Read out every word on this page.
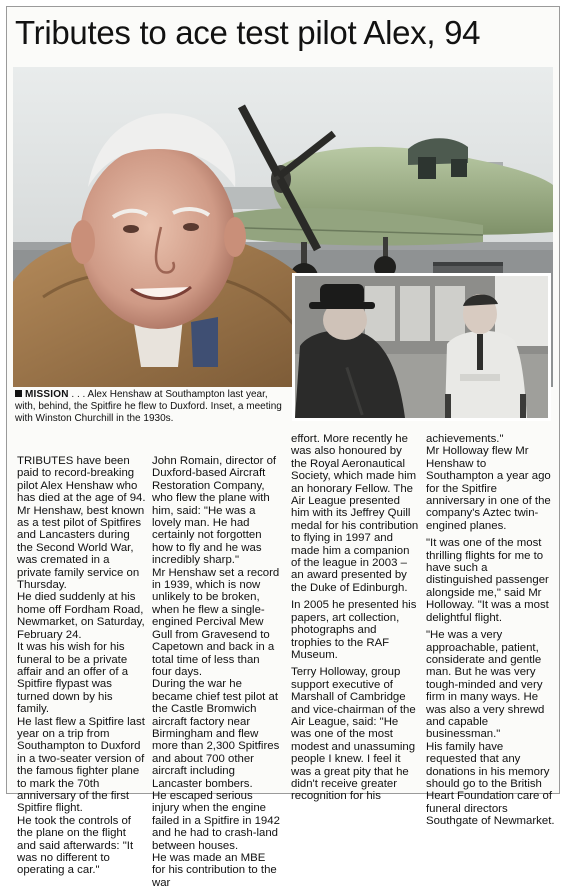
Tributes to ace test pilot Alex, 94
MISSION . . . Alex Henshaw at Southampton last year, with, behind, the Spitfire he flew to Duxford. Inset, a meeting with Winston Churchill in the 1930s.

TRIBUTES have been paid to record-breaking pilot Alex Henshaw who has died at the age of 94.

Mr Henshaw, best known as a test pilot of Spitfires and Lancasters during the Second World War, was cremated in a private family service on Thursday.

He died suddenly at his home off Fordham Road, Newmarket, on Saturday, February 24.

It was his wish for his funeral to be a private affair and an offer of a Spitfire flypast was turned down by his family.

He last flew a Spitfire last year on a trip from Southampton to Duxford in a two-seater version of the famous fighter plane to mark the 70th anniversary of the first Spitfire flight.

He took the controls of the plane on the flight and said afterwards: "It was no different to operating a car."

John Romain, director of Duxford-based Aircraft Restoration Company, who flew the plane with him, said: "He was a lovely man. He had certainly not forgotten how to fly and he was incredibly sharp."

Mr Henshaw set a record in 1939, which is now unlikely to be broken, when he flew a single-engined Percival Mew Gull from Gravesend to Capetown and back in a total time of less than four days.

During the war he became chief test pilot at the Castle Bromwich aircraft factory near Birmingham and flew more than 2,300 Spitfires and about 700 other aircraft including Lancaster bombers.

He escaped serious injury when the engine failed in a Spitfire in 1942 and he had to crash-land between houses.

He was made an MBE for his contribution to the war

effort. More recently he was also honoured by the Royal Aeronautical Society, which made him an honorary Fellow. The Air League presented him with its Jeffrey Quill medal for his contribution to flying in 1997 and made him a companion of the league in 2003 – an award presented by the Duke of Edinburgh.

In 2005 he presented his papers, art collection, photographs and trophies to the RAF Museum.

Terry Holloway, group support executive of Marshall of Cambridge and vice-chairman of the Air League, said: "He was one of the most modest and unassuming people I knew. I feel it was a great pity that he didn't receive greater recognition for his

achievements."

Mr Holloway flew Mr Henshaw to Southampton a year ago for the Spitfire anniversary in one of the company's Aztec twin-engined planes.

"It was one of the most thrilling flights for me to have such a distinguished passenger alongside me," said Mr Holloway. "It was a most delightful flight.

"He was a very approachable, patient, considerate and gentle man. But he was very tough-minded and very firm in many ways. He was also a very shrewd and capable businessman."

His family have requested that any donations in his memory should go to the British Heart Foundation care of funeral directors Southgate of Newmarket.
